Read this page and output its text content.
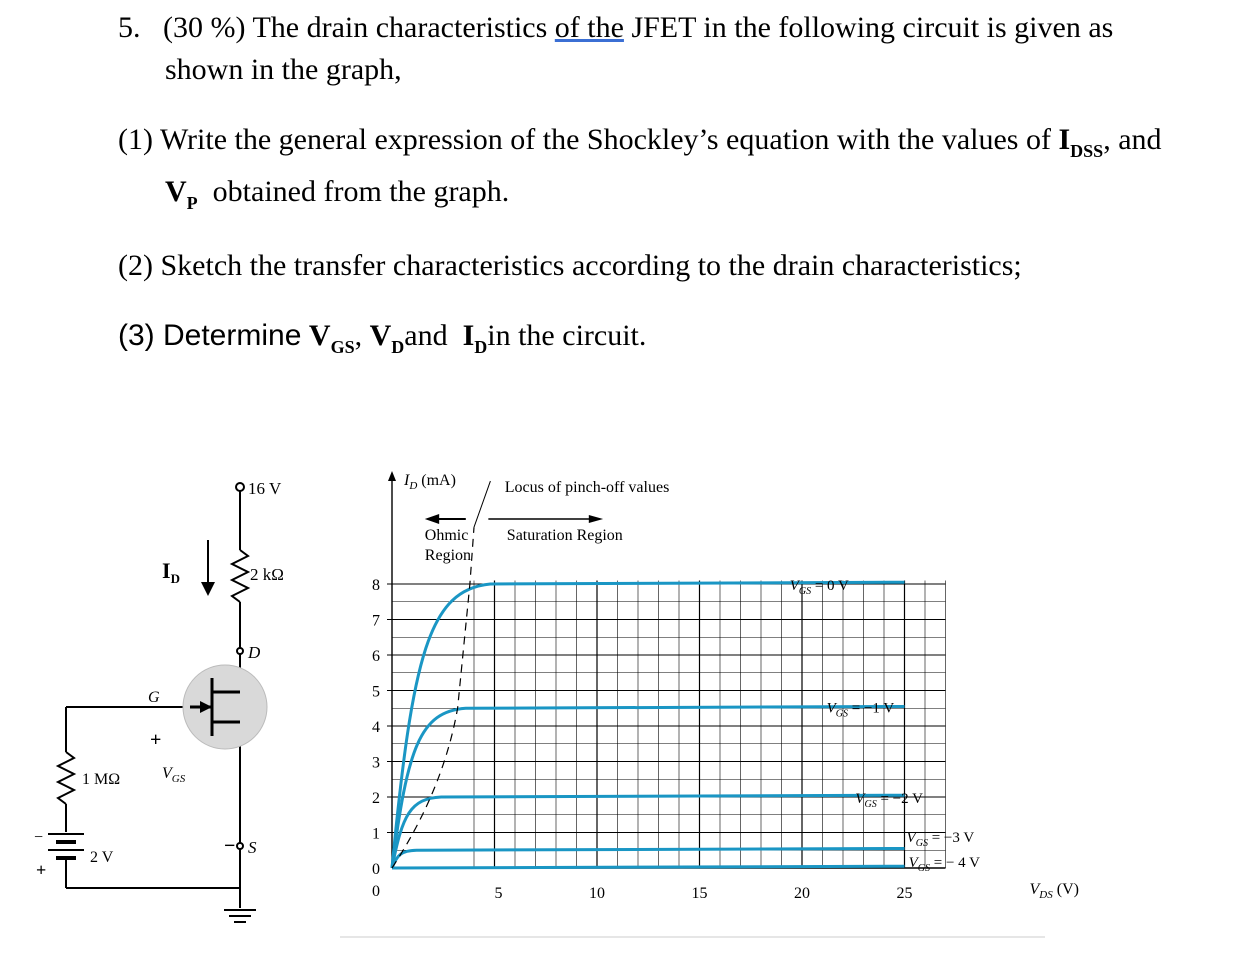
5. (30 %) The drain characteristics of the JFET in the following circuit is given as
shown in the graph,
(1) Write the general expression of the Shockley’s equation with the values of $I_{DSS}$, and
$V_P$ obtained from the graph.
(2) Sketch the transfer characteristics according to the drain characteristics;
(3) Determine $V_{GS}$, $V_Dand$ $I_Din$ the circuit.
16 V
2 kΩ
$I_D$
D
G
+
$V_{GS}$
− S
1 MΩ
2 V
−
+	0
1
2
3
4
5
6
7
8
0	5	10	15	20	25
$I_D$ (mA)
$V_{DS}$ (V)
$V_{GS} = 0$ V
$V_{GS} = -1$ V
$V_{GS} = -2$ V
$V_{GS} = -3$ V
$V_{GS}$ = − 4 V
Locus of pinch-off values
Ohmic
Region
Saturation Region
